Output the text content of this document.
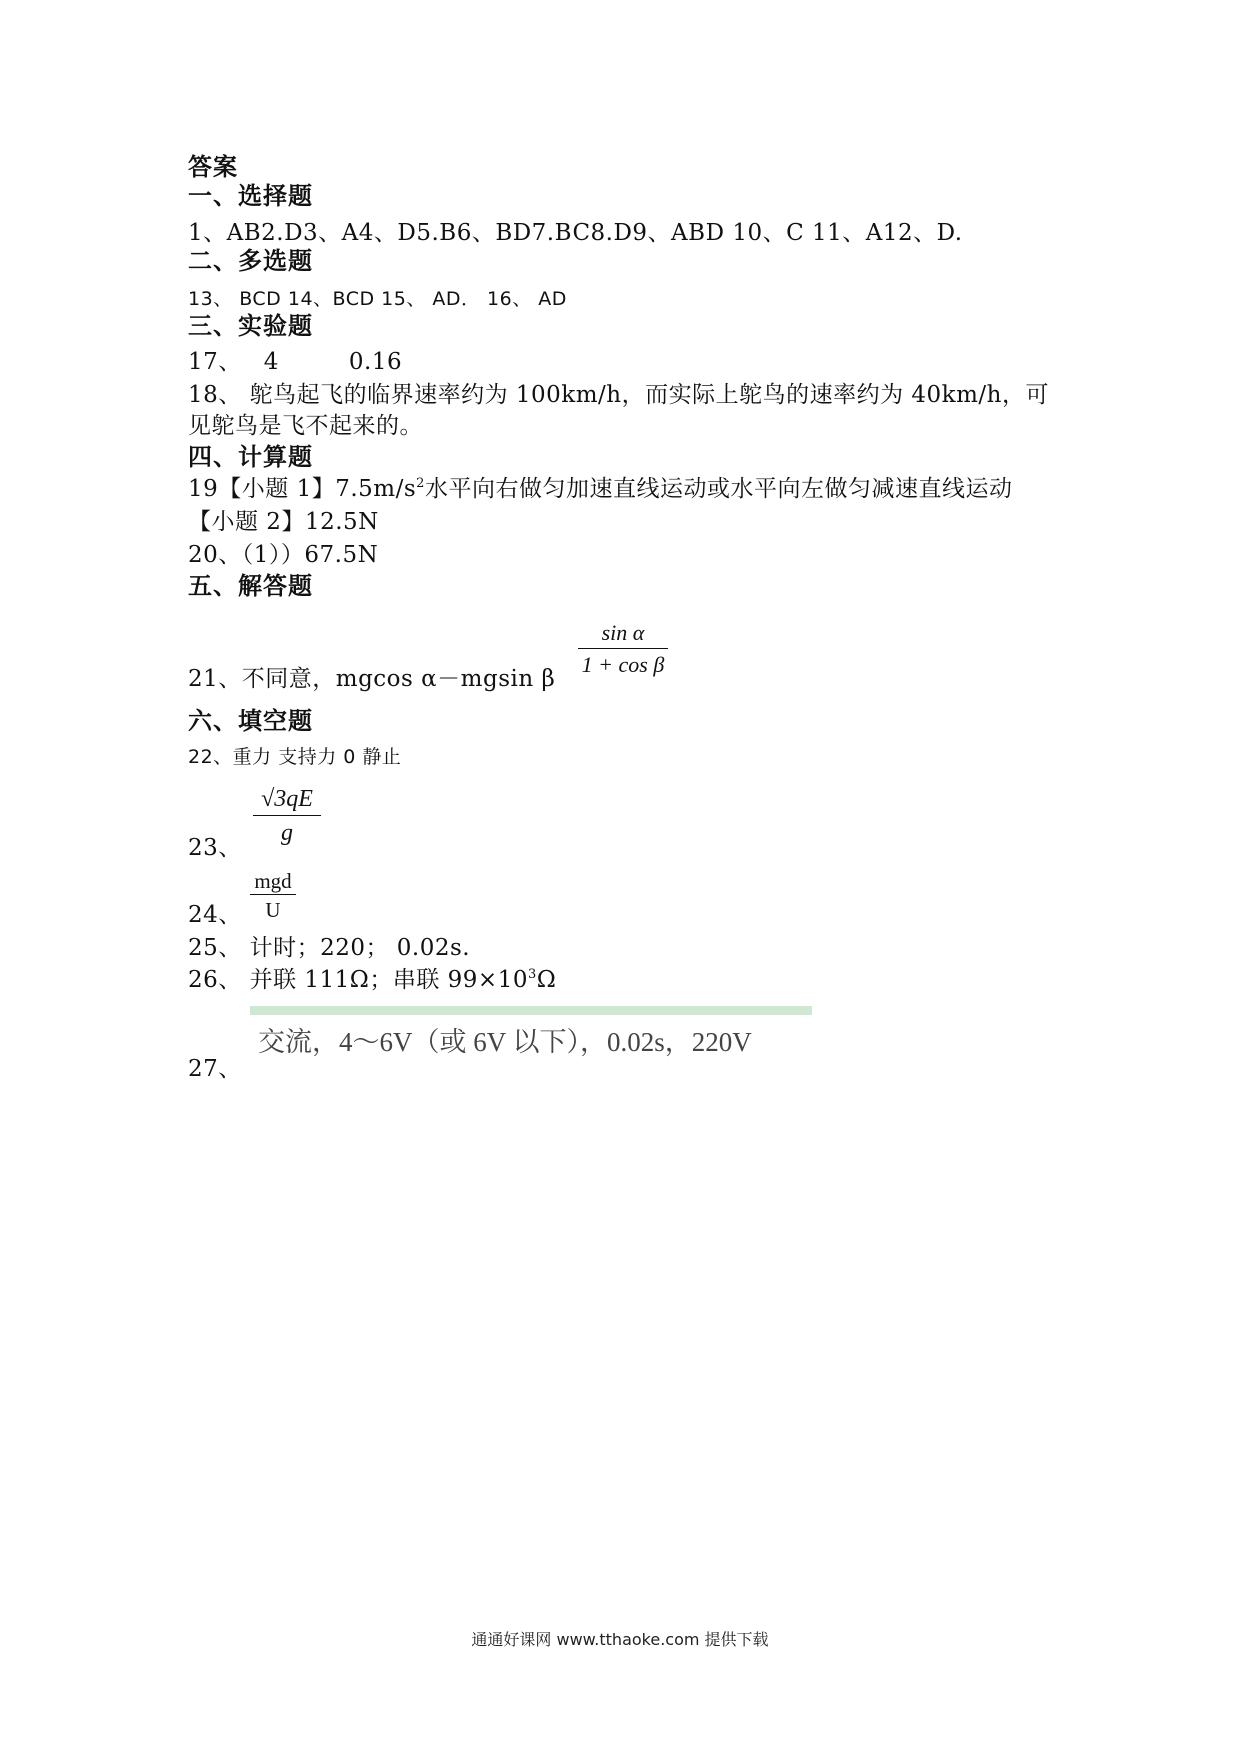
答案
一、选择题
1、AB2.D3、A4、D5.B6、BD7.BC8.D9、ABD 10、C 11、A12、D.
二、多选题
13、 BCD 14、BCD 15、 AD． 16、 AD
三、实验题
17、 4	0.16
18、 鸵鸟起飞的临界速率约为 100km/h，而实际上鸵鸟的速率约为 40km/h，可
见鸵鸟是飞不起来的。
四、计算题
19【小题 1】$7.5m/s^2$水平向右做匀加速直线运动或水平向左做匀减速直线运动
【小题 2】12.5N
20、（1））67.5N
五、解答题
21、不同意，mgcos α－mgsin β
sin α
1 + cos β
六、填空题
22、重力 支持力 0 静止
23、
√3qE
g
24、
mgd
U
25、 计时；220； 0.02s.
26、 并联 111Ω；串联 $99\times 10^3\Omega$
交流，4～6V（或 6V 以下），0.02s，220V
27、
通通好课网 www.tthaoke.com 提供下载
